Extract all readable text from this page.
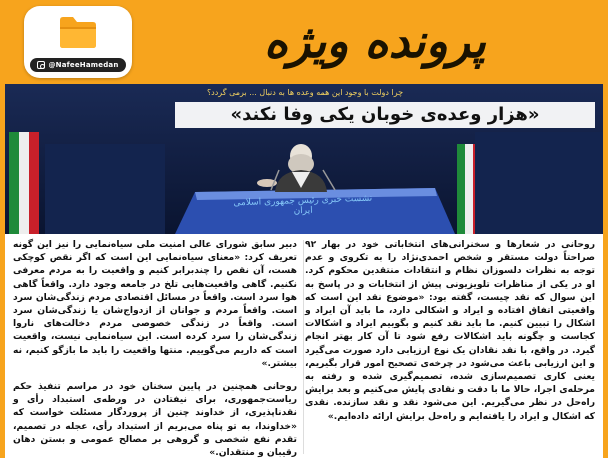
@NafeeHamedan	پرونده ویژه
چرا دولت با وجود این همه وعده ها به دنبال ... برمی گردد؟
«هزار وعده‌ی خوبان یکی وفا نکند»
نشست خبری رئیس جمهوری اسلامی ایران

روحانی در شعارها و سخنرانی‌های انتخاباتی خود در بهار ۹۲ صراحتاً دولت مستقر و شخص احمدی‌نژاد را به تکروی و عدم توجه به نظرات دلسوزان نظام و انتقادات منتقدین محکوم کرد. او در یکی از مناظرات تلویزیونی پیش از انتخابات و در پاسخ به این سوال که نقد چیست، گفته بود: «موضوع نقد این است که واقعیتی اتفاق افتاده و ایراد و اشکالی دارد، ما باید آن ایراد و اشکال را تبیین کنیم. ما باید نقد کنیم و بگوییم ایراد و اشکالات کجاست و چگونه باید اشکالات رفع شود تا آن کار بهتر انجام گیرد. در واقع، با نقد نقادان یک نوع ارزیابی دارد صورت می‌گیرد و این ارزیابی باعث می‌شود در چرخه‌ی تصحیح امور قرار بگیریم، یعنی کاری تصمیم‌سازی شده، تصمیم‌گیری شده و رفته به مرحله‌ی اجرا، حالا ما با دقت و نقادی پایش می‌کنیم و بعد برایش راه‌حل در نظر می‌گیریم. این می‌شود نقد و نقد سازنده. نقدی که اشکال و ایراد را یافته‌ایم و راه‌حل برایش ارائه داده‌ایم.»

دبیر سابق شورای عالی امنیت ملی سیاه‌نمایی را نیز این گونه تعریف کرد: «معنای سیاه‌نمایی این است که اگر نقص کوچکی هست، آن نقص را چندبرابر کنیم و واقعیت را به مردم معرفی نکنیم. گاهی واقعیت‌هایی تلخ در جامعه وجود دارد. واقعاً گاهی هوا سرد است. واقعاً در مسائل اقتصادی مردم زندگی‌شان سرد است. واقعاً مردم و جوانان از ازدواج‌شان یا زندگی‌شان سرد است. واقعاً در زندگی خصوصی مردم دخالت‌های ناروا زندگی‌شان را سرد کرده است. این سیاه‌نمایی نیست، واقعیت است که داریم می‌گوییم. منتها واقعیت را باید ما بازگو کنیم، نه بیشتر.»

روحانی همچنین در پایین سخنان خود در مراسم تنفیذ حکم ریاست‌جمهوری، برای نیفتادن در ورطه‌ی استبداد رأی و نقدناپذیری، از خداوند چنین از پروردگار مسئلت خواست که «خداوندا، به تو پناه می‌بریم از استبداد رأی، عجله در تصمیم، تقدم نفع شخصی و گروهی بر مصالح عمومی و بستن دهان رقیبان و منتقدان.»
